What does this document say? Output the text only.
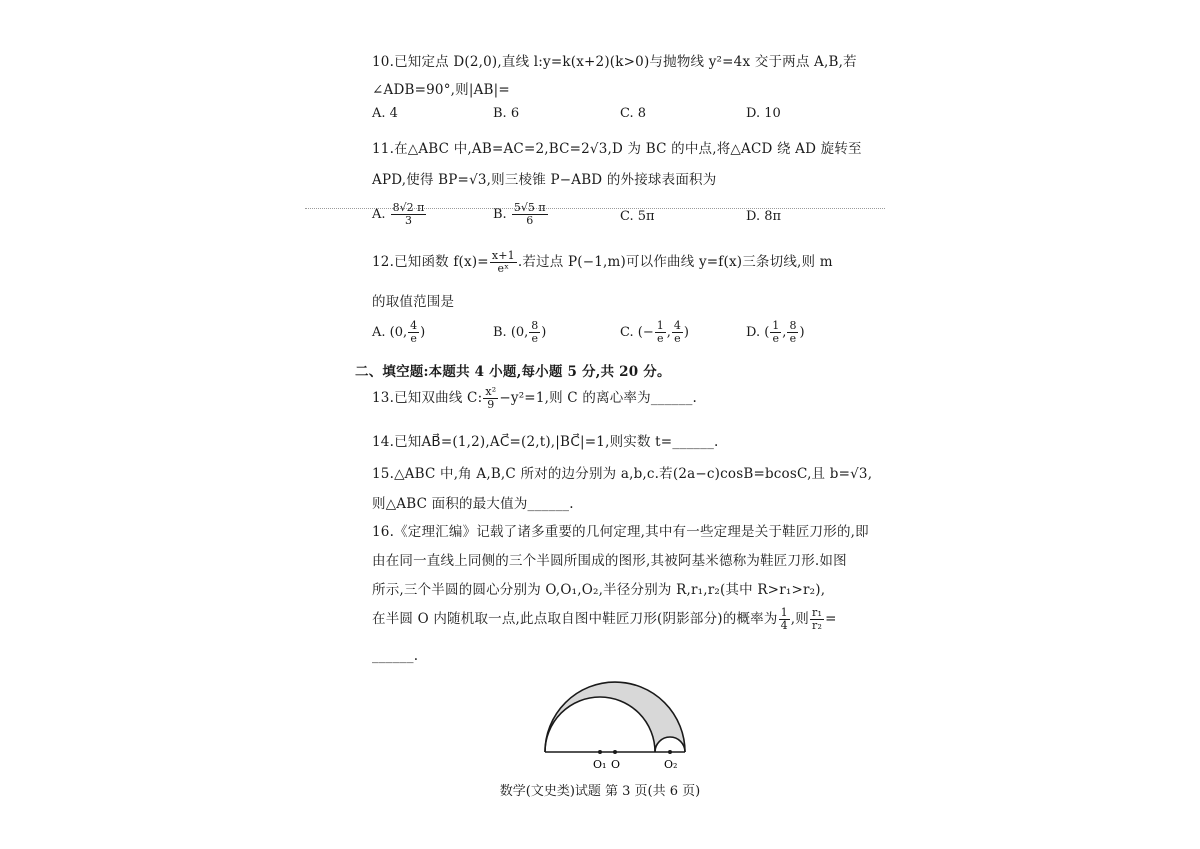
10.已知定点 D(2,0),直线 l:y=k(x+2)(k>0)与抛物线 y²=4x 交于两点 A,B,若
∠ADB=90°,则|AB|=
A. 4	B. 6	C. 8	D. 10
11.在△ABC 中,AB=AC=2,BC=2√3,D 为 BC 的中点,将△ACD 绕 AD 旋转至
APD,使得 BP=√3,则三棱锥 P−ABD 的外接球表面积为
A. $\frac{8√2 \pi}{3}$	B. $\frac{5√5 \pi}{6}$	C. 5π	D. 8π
12.已知函数 $f(x)= \frac{x+1}{\text{eˣ}}$ .若过点 P(−1,m)可以作曲线 y=f(x)三条切线,则 m
的取值范围是
A. (0, $\frac{4}{e}$ )	B. (0, $\frac{8}{e}$ )	C. (− $\frac{1}{e}$ , $\frac{4}{e}$ )	D. ( $\frac{1}{e}$ , $\frac{8}{e}$ )
二、填空题:本题共 4 小题,每小题 5 分,共 20 分。
13.已知双曲线 C: $\frac{\text{x²}}{9} -y^2=1$,则 C 的离心率为______.
14.已知AB⃗=(1,2),AC⃗=(2,t),|BC⃗|=1,则实数 t=______.
15.△ABC 中,角 A,B,C 所对的边分别为 a,b,c.若(2a−c)cosB=bcosC,且 b=√3,
则△ABC 面积的最大值为______.
16.《定理汇编》记载了诸多重要的几何定理,其中有一些定理是关于鞋匠刀形的,即
由在同一直线上同侧的三个半圆所围成的图形,其被阿基米德称为鞋匠刀形.如图
所示,三个半圆的圆心分别为 O,O₁,O₂,半径分别为 R,r₁,r₂(其中 R>r₁>r₂),
在半圆 O 内随机取一点,此点取自图中鞋匠刀形(阴影部分)的概率为 $\frac{1}{4}$ ,则 $\frac{\text{r₁}}{\text{r₂}}$ =
______.
O₁ O	O₂
数学(文史类)试题 第 3 页(共 6 页)
